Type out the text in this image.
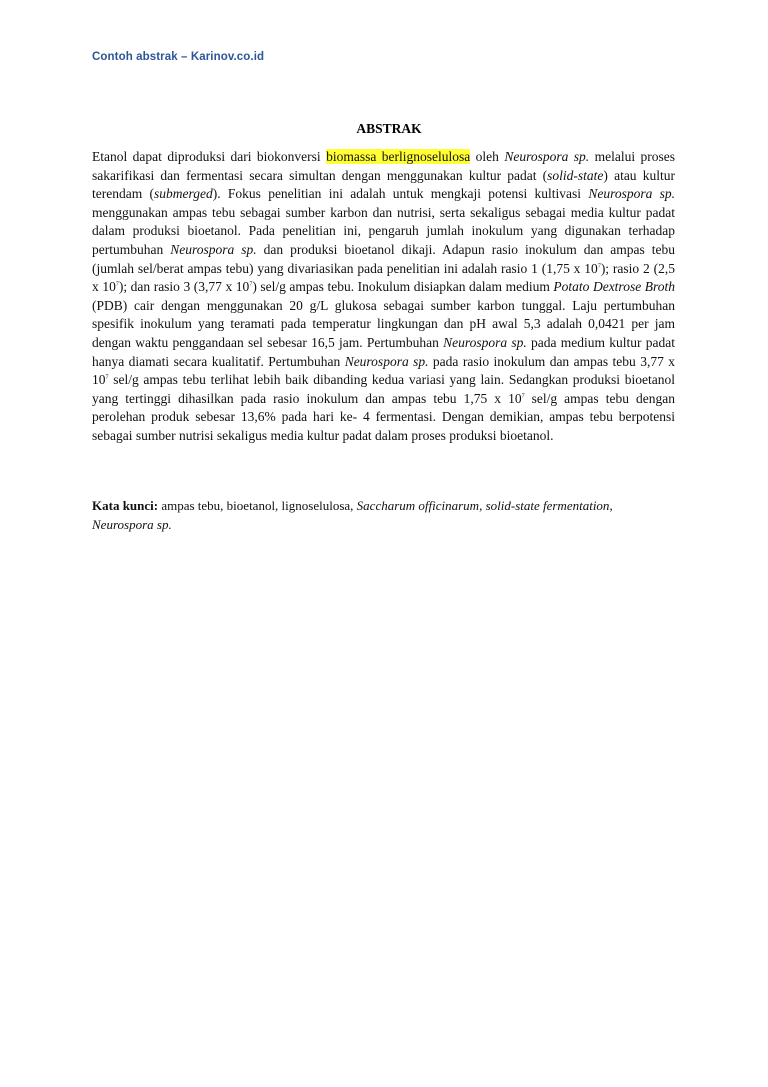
Contoh abstrak – Karinov.co.id
ABSTRAK

Etanol dapat diproduksi dari biokonversi biomassa berlignoselulosa oleh Neurospora sp. melalui proses sakarifikasi dan fermentasi secara simultan dengan menggunakan kultur padat (solid-state) atau kultur terendam (submerged). Fokus penelitian ini adalah untuk mengkaji potensi kultivasi Neurospora sp. menggunakan ampas tebu sebagai sumber karbon dan nutrisi, serta sekaligus sebagai media kultur padat dalam produksi bioetanol. Pada penelitian ini, pengaruh jumlah inokulum yang digunakan terhadap pertumbuhan Neurospora sp. dan produksi bioetanol dikaji. Adapun rasio inokulum dan ampas tebu (jumlah sel/berat ampas tebu) yang divariasikan pada penelitian ini adalah rasio 1 (1,75 x $10^7$); rasio 2 (2,5 x $10^7$); dan rasio 3 (3,77 x $10^7$) sel/g ampas tebu. Inokulum disiapkan dalam medium Potato Dextrose Broth (PDB) cair dengan menggunakan 20 g/L glukosa sebagai sumber karbon tunggal. Laju pertumbuhan spesifik inokulum yang teramati pada temperatur lingkungan dan pH awal 5,3 adalah 0,0421 per jam dengan waktu penggandaan sel sebesar 16,5 jam. Pertumbuhan Neurospora sp. pada medium kultur padat hanya diamati secara kualitatif. Pertumbuhan Neurospora sp. pada rasio inokulum dan ampas tebu 3,77 x $10^7$ sel/g ampas tebu terlihat lebih baik dibanding kedua variasi yang lain. Sedangkan produksi bioetanol yang tertinggi dihasilkan pada rasio inokulum dan ampas tebu 1,75 x $10^7$ sel/g ampas tebu dengan perolehan produk sebesar 13,6% pada hari ke- 4 fermentasi. Dengan demikian, ampas tebu berpotensi sebagai sumber nutrisi sekaligus media kultur padat dalam proses produksi bioetanol.

Kata kunci: ampas tebu, bioetanol, lignoselulosa, Saccharum officinarum, solid-state fermentation, Neurospora sp.
